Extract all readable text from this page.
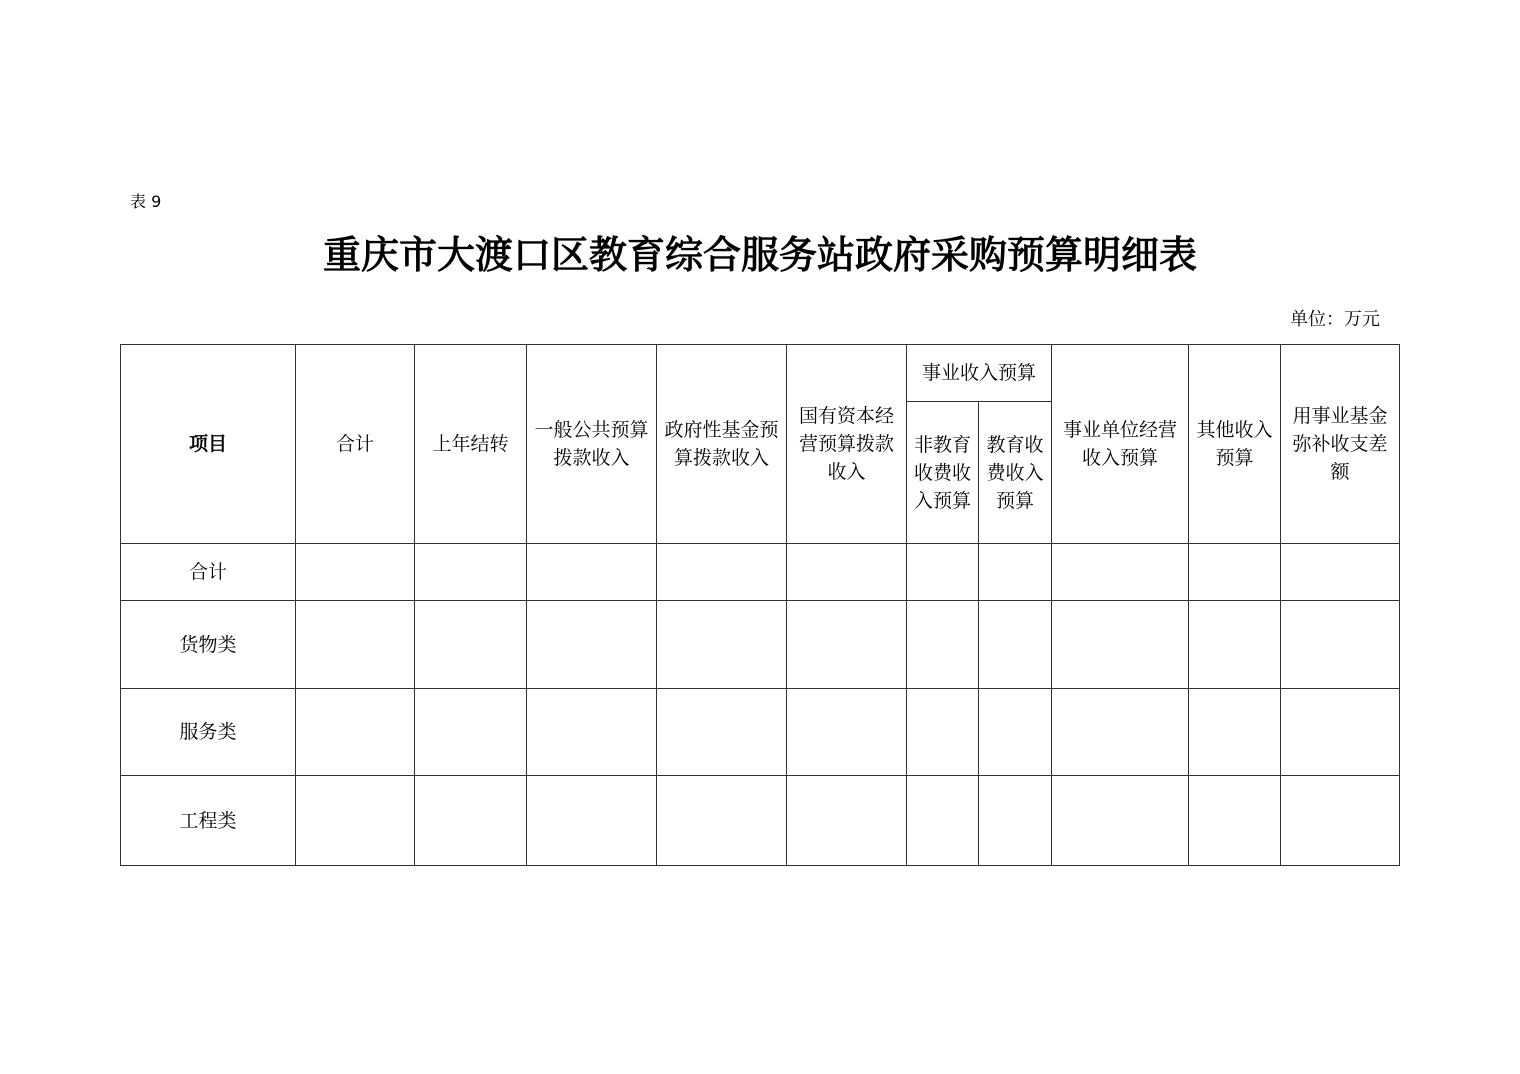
表 9
重庆市大渡口区教育综合服务站政府采购预算明细表
单位：万元
项目	合计	上年结转	一般公共预算拨款收入	政府性基金预算拨款收入	国有资本经营预算拨款收入	事业收入预算		事业单位经营收入预算	其他收入预算	用事业基金弥补收支差额
						非教育收费收入预算	教育收费收入预算			
合计										
货物类										
服务类										
工程类										
